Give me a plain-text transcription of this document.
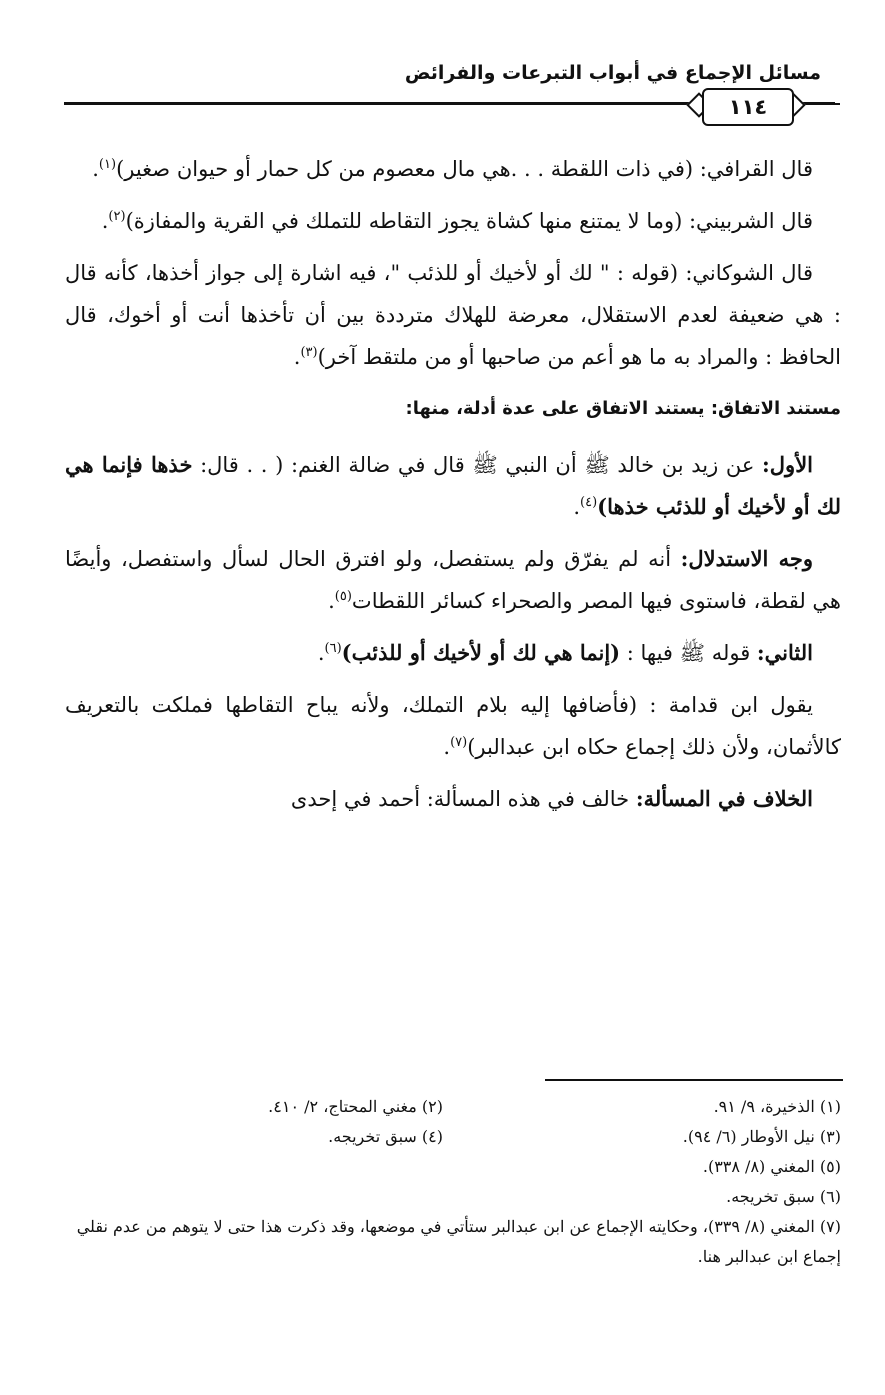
مسائل الإجماع في أبواب التبرعات والفرائض
١١٤

قال القرافي: (في ذات اللقطة . . .هي مال معصوم من كل حمار أو حيوان صغير)$^{(١)}$.

قال الشربيني: (وما لا يمتنع منها كشاة يجوز التقاطه للتملك في القرية والمفازة)$^{(٢)}$.

قال الشوكاني: (قوله : " لك أو لأخيك أو للذئب "، فيه اشارة إلى جواز أخذها، كأنه قال : هي ضعيفة لعدم الاستقلال، معرضة للهلاك مترددة بين أن تأخذها أنت أو أخوك، قال الحافظ : والمراد به ما هو أعم من صاحبها أو من ملتقط آخر)$^{(٣)}$.

مستند الاتفاق: يستند الاتفاق على عدة أدلة، منها:

الأول: عن زيد بن خالد ﷺ أن النبي ﷺ قال في ضالة الغنم: ( . . قال: خذها فإنما هي لك أو لأخيك أو للذئب خذها)$^{(٤)}$.

وجه الاستدلال: أنه لم يفرّق ولم يستفصل، ولو افترق الحال لسأل واستفصل، وأيضًا هي لقطة، فاستوى فيها المصر والصحراء كسائر اللقطات$^{(٥)}$.

الثاني: قوله ﷺ فيها : (إنما هي لك أو لأخيك أو للذئب)$^{(٦)}$.

يقول ابن قدامة : (فأضافها إليه بلام التملك، ولأنه يباح التقاطها فملكت بالتعريف كالأثمان، ولأن ذلك إجماع حكاه ابن عبدالبر)$^{(٧)}$.

الخلاف في المسألة: خالف في هذه المسألة: أحمد في إحدى

(١) الذخيرة، ٩/ ٩١.
(٢) مغني المحتاج، ٢/ ٤١٠.
(٣) نيل الأوطار (٦/ ٩٤).
(٤) سبق تخريجه.
(٥) المغني (٨/ ٣٣٨).
(٦) سبق تخريجه.
(٧) المغني (٨/ ٣٣٩)، وحكايته الإجماع عن ابن عبدالبر ستأتي في موضعها، وقد ذكرت هذا حتى لا يتوهم من عدم نقلي إجماع ابن عبدالبر هنا.
